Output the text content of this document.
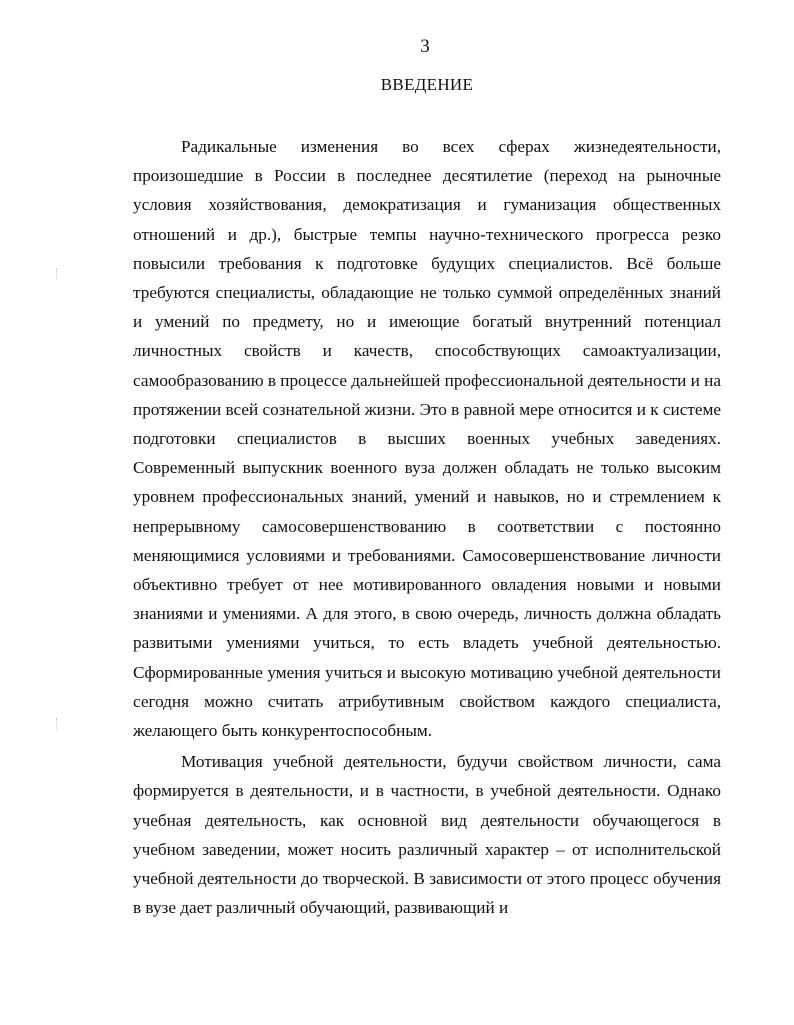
3
ВВЕДЕНИЕ

Радикальные изменения во всех сферах жизнедеятельности, произошедшие в России в последнее десятилетие (переход на рыночные условия хозяйствования, демократизация и гуманизация общественных отношений и др.), быстрые темпы научно-технического прогресса резко повысили требования к подготовке будущих специалистов. Всё больше требуются специалисты, обладающие не только суммой определённых знаний и умений по предмету, но и имеющие богатый внутренний потенциал личностных свойств и качеств, способствующих самоактуализации, самообразованию в процессе дальнейшей профессиональной деятельности и на протяжении всей сознательной жизни. Это в равной мере относится и к системе подготовки специалистов в высших военных учебных заведениях. Современный выпускник военного вуза должен обладать не только высоким уровнем профессиональных знаний, умений и навыков, но и стремлением к непрерывному самосовершенствованию в соответствии с постоянно меняющимися условиями и требованиями. Самосовершенствование личности объективно требует от нее мотивированного овладения новыми и новыми знаниями и умениями. А для этого, в свою очередь, личность должна обладать развитыми умениями учиться, то есть владеть учебной деятельностью. Сформированные умения учиться и высокую мотивацию учебной деятельности сегодня можно считать атрибутивным свойством каждого специалиста, желающего быть конкурентоспособным.

Мотивация учебной деятельности, будучи свойством личности, сама формируется в деятельности, и в частности, в учебной деятельности. Однако учебная деятельность, как основной вид деятельности обучающегося в учебном заведении, может носить различный характер – от исполнительской учебной деятельности до творческой. В зависимости от этого процесс обучения в вузе дает различный обучающий, развивающий и
